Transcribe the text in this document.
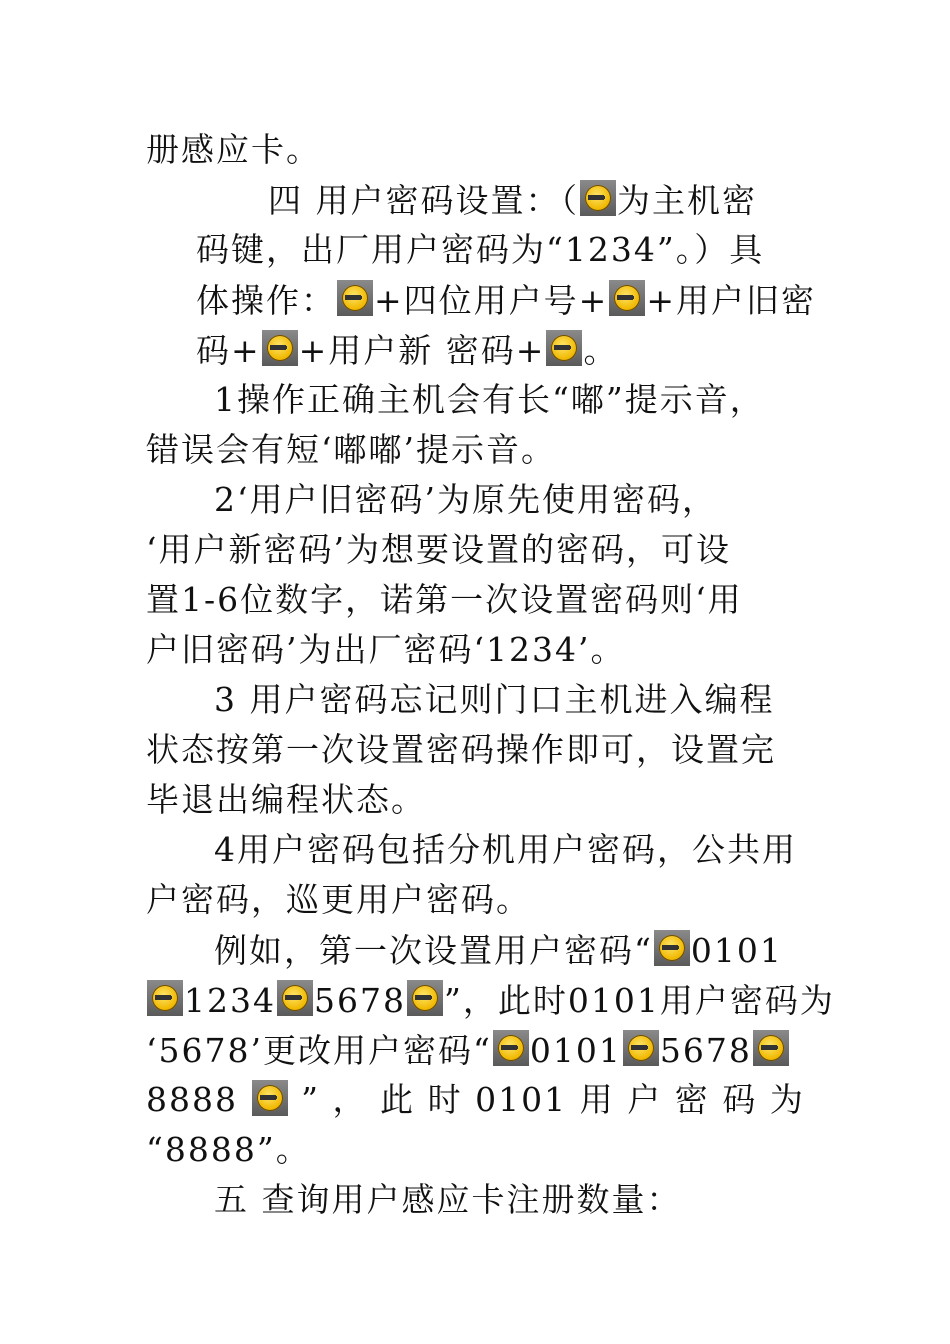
册感应卡。
四 用户密码设置：（ 为主机密
码键，出厂用户密码为“1234”。）具
体操作： +四位用户号+ +用户旧密
码+ +用户新 密码+ 。
1操作正确主机会有长“嘟”提示音，
错误会有短‘嘟嘟’提示音。
2‘用户旧密码’为原先使用密码，
‘用户新密码’为想要设置的密码，可设
置1-6位数字，诺第一次设置密码则‘用
户旧密码’为出厂密码‘1234’。
3 用户密码忘记则门口主机进入编程
状态按第一次设置密码操作即可，设置完
毕退出编程状态。
4用户密码包括分机用户密码，公共用
户密码，巡更用户密码。
例如，第一次设置用户密码“ 0101
1234 5678 ”，此时0101用户密码为
‘5678’更改用户密码“ 0101 5678
8888 ” ， 此 时 0101 用 户 密 码 为
“8888”。
五 查询用户感应卡注册数量：
